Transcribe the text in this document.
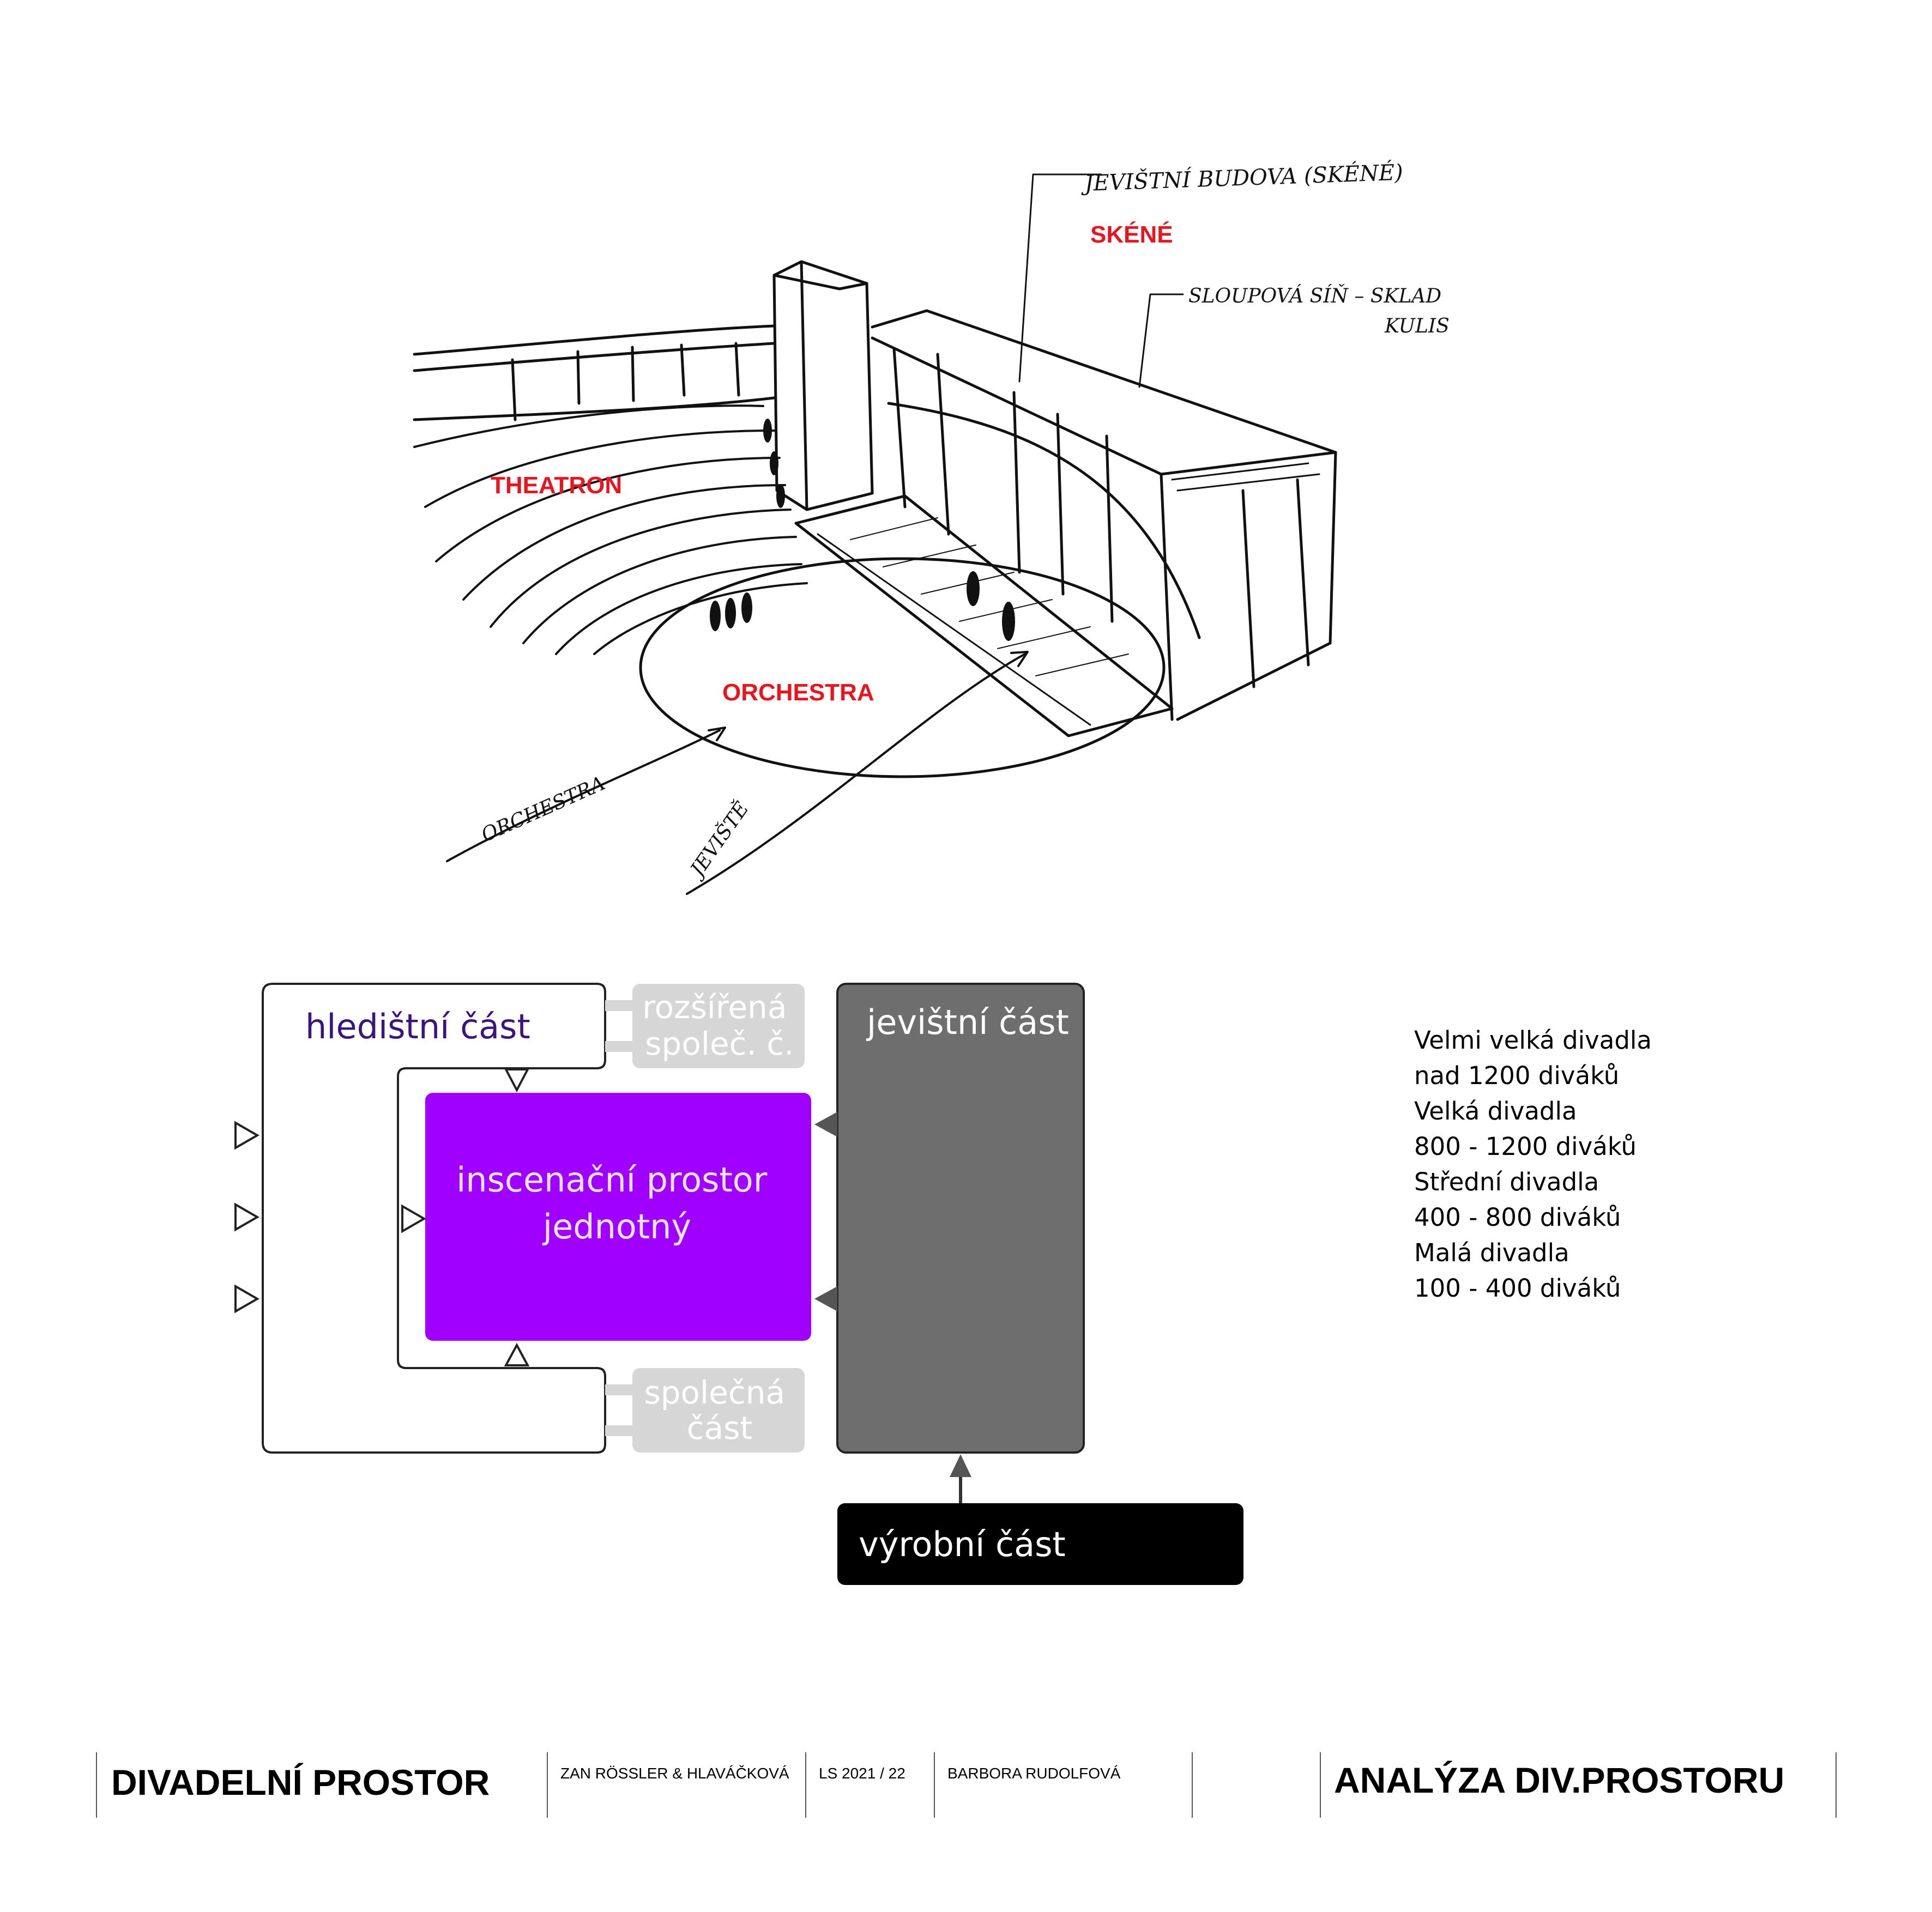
SKÉNÉ
THEATRON
ORCHESTRA
JEVIŠTNÍ BUDOVA (SKÉNÉ)
SLOUPOVÁ SÍŇ – SKLAD
KULIS
ORCHESTRA	JEVIŠTĚ
hledištní část	rozšířená společ. č.
společná část
jevištní část
inscenační prostor jednotný
výrobní část
Velmi velká divadla
nad 1200 diváků
Velká divadla
800 - 1200 diváků
Střední divadla
400 - 800 diváků
Malá divadla
100 - 400 diváků
DIVADELNÍ PROSTOR	ZAN RÖSSLER & HLAVÁČKOVÁ LS 2021 / 22	BARBORA RUDOLFOVÁ	ANALÝZA DIV.PROSTORU
